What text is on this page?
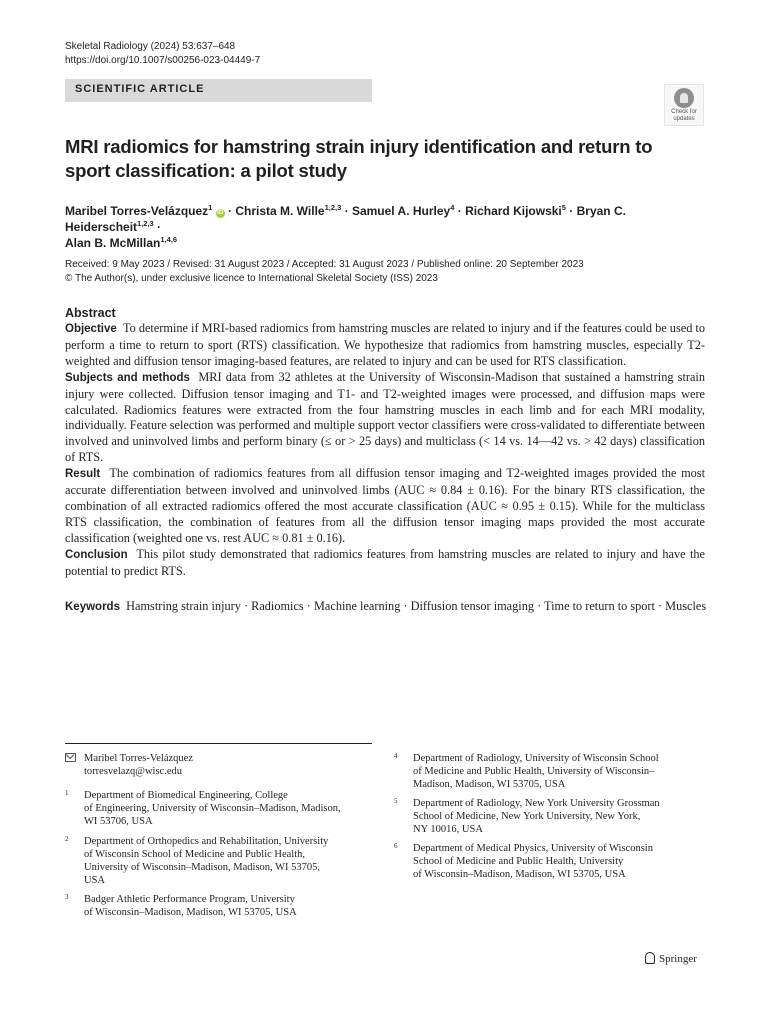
Skeletal Radiology (2024) 53:637–648
https://doi.org/10.1007/s00256-023-04449-7
SCIENTIFIC ARTICLE
Check for
updates
MRI radiomics for hamstring strain injury identification and return to sport classification: a pilot study
Maribel Torres-Velázquez$^1$ iD · Christa M. Wille$^{1,2,3}$ · Samuel A. Hurley$^4$ · Richard Kijowski$^5$ · Bryan C. Heiderscheit$^{1,2,3}$ ·
Alan B. McMillan$^{1,4,6}$
Received: 9 May 2023 / Revised: 31 August 2023 / Accepted: 31 August 2023 / Published online: 20 September 2023
© The Author(s), under exclusive licence to International Skeletal Society (ISS) 2023
Abstract

Objective To determine if MRI-based radiomics from hamstring muscles are related to injury and if the features could be used to perform a time to return to sport (RTS) classification. We hypothesize that radiomics from hamstring muscles, especially T2-weighted and diffusion tensor imaging-based features, are related to injury and can be used for RTS classification.

Subjects and methods MRI data from 32 athletes at the University of Wisconsin-Madison that sustained a hamstring strain injury were collected. Diffusion tensor imaging and T1- and T2-weighted images were processed, and diffusion maps were calculated. Radiomics features were extracted from the four hamstring muscles in each limb and for each MRI modality, individually. Feature selection was performed and multiple support vector classifiers were cross-validated to differentiate between involved and uninvolved limbs and perform binary (≤ or > 25 days) and multiclass (< 14 vs. 14—42 vs. > 42 days) classification of RTS.

Result The combination of radiomics features from all diffusion tensor imaging and T2-weighted images provided the most accurate differentiation between involved and uninvolved limbs (AUC ≈ 0.84 ± 0.16). For the binary RTS classification, the combination of all extracted radiomics offered the most accurate classification (AUC ≈ 0.95 ± 0.15). While for the multiclass RTS classification, the combination of features from all the diffusion tensor imaging maps provided the most accurate classification (weighted one vs. rest AUC ≈ 0.81 ± 0.16).

Conclusion This pilot study demonstrated that radiomics features from hamstring muscles are related to injury and have the potential to predict RTS.

Keywords Hamstring strain injury · Radiomics · Machine learning · Diffusion tensor imaging · Time to return to sport · Muscles
Maribel Torres-Velázquez
torresvelazq@wisc.edu
1 Department of Biomedical Engineering, College
of Engineering, University of Wisconsin–Madison, Madison,
WI 53706, USA
2 Department of Orthopedics and Rehabilitation, University
of Wisconsin School of Medicine and Public Health,
University of Wisconsin–Madison, Madison, WI 53705,
USA
3 Badger Athletic Performance Program, University
of Wisconsin–Madison, Madison, WI 53705, USA
4 Department of Radiology, University of Wisconsin School
of Medicine and Public Health, University of Wisconsin–
Madison, Madison, WI 53705, USA
5 Department of Radiology, New York University Grossman
School of Medicine, New York University, New York,
NY 10016, USA
6 Department of Medical Physics, University of Wisconsin
School of Medicine and Public Health, University
of Wisconsin–Madison, Madison, WI 53705, USA
Springer
